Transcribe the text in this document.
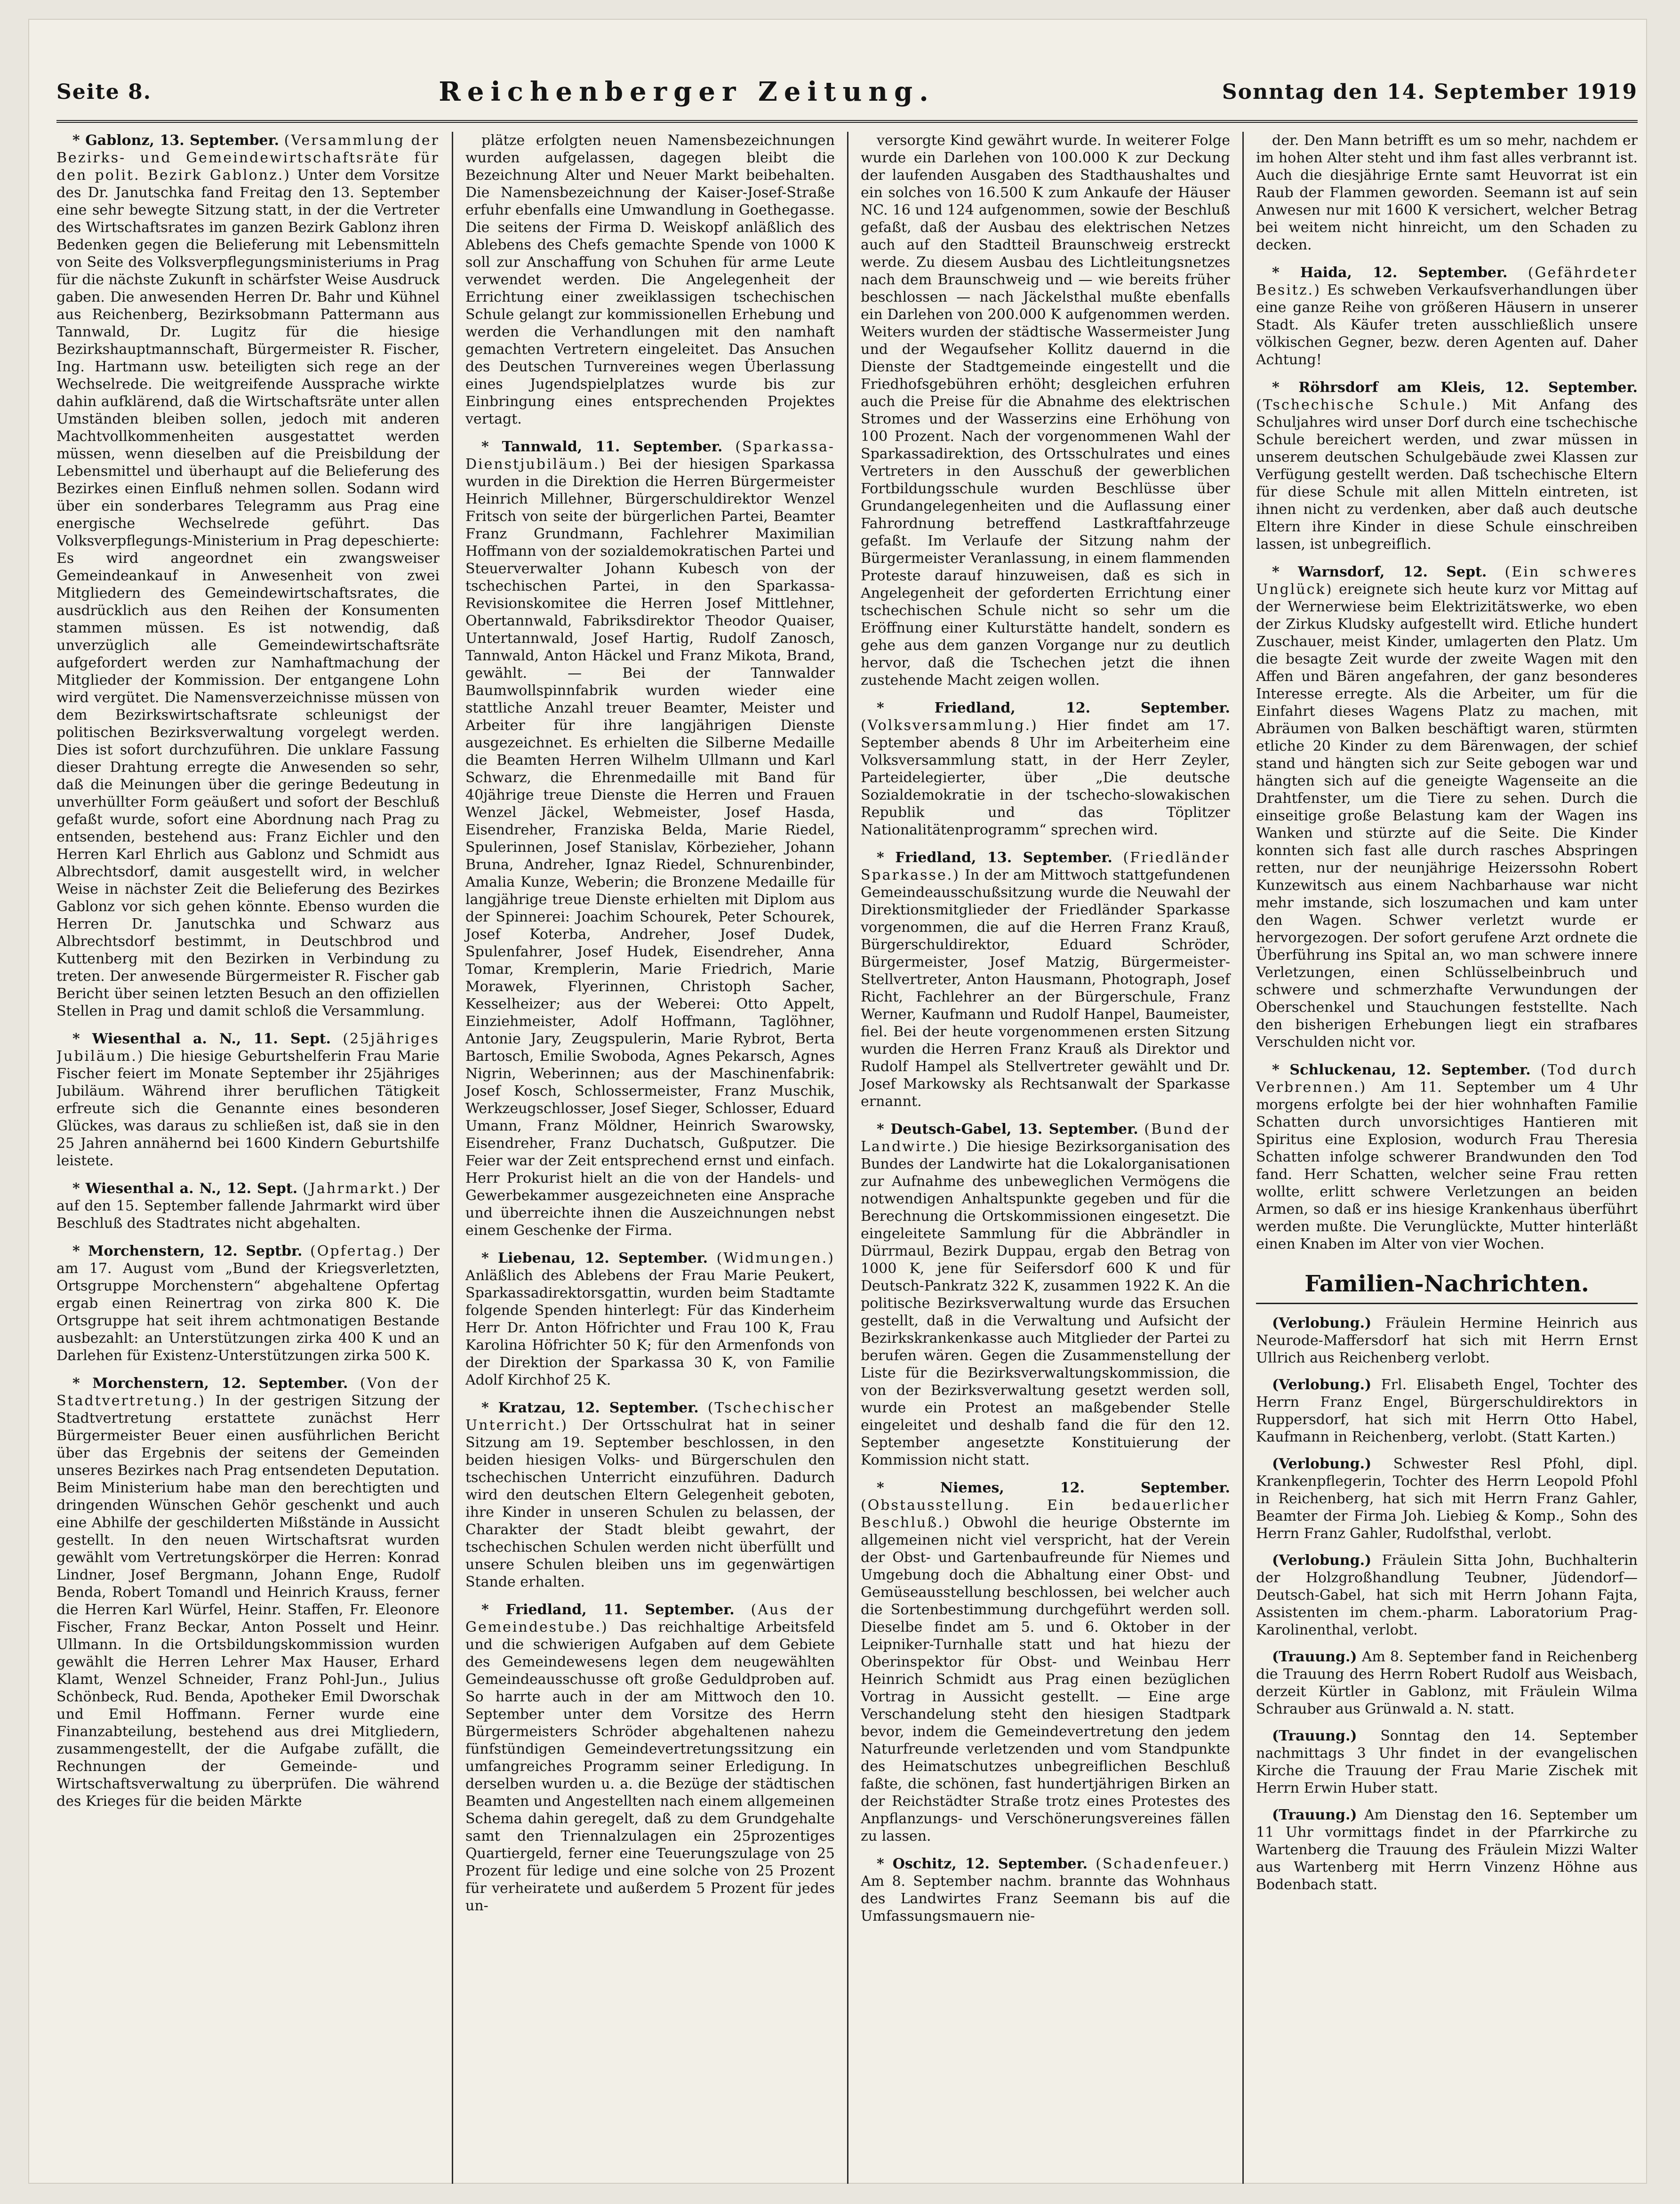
Seite 8.	Reichenberger Zeitung.	Sonntag den 14. September 1919

* Gablonz, 13. September. (Versammlung der Bezirks- und Gemeindewirtschaftsräte für den polit. Bezirk Gablonz.) Unter dem Vorsitze des Dr. Janutschka fand Freitag den 13. September eine sehr bewegte Sitzung statt, in der die Vertreter des Wirtschaftsrates im ganzen Bezirk Gablonz ihren Bedenken gegen die Belieferung mit Lebensmitteln von Seite des Volksverpflegungsministeriums in Prag für die nächste Zukunft in schärfster Weise Ausdruck gaben. Die anwesenden Herren Dr. Bahr und Kühnel aus Reichenberg, Bezirksobmann Pattermann aus Tannwald, Dr. Lugitz für die hiesige Bezirkshauptmannschaft, Bürgermeister R. Fischer, Ing. Hartmann usw. beteiligten sich rege an der Wechselrede. Die weitgreifende Aussprache wirkte dahin aufklärend, daß die Wirtschaftsräte unter allen Umständen bleiben sollen, jedoch mit anderen Machtvollkommenheiten ausgestattet werden müssen, wenn dieselben auf die Preisbildung der Lebensmittel und überhaupt auf die Belieferung des Bezirkes einen Einfluß nehmen sollen. Sodann wird über ein sonderbares Telegramm aus Prag eine energische Wechselrede geführt. Das Volksverpflegungs-Ministerium in Prag depeschierte: Es wird angeordnet ein zwangsweiser Gemeindeankauf in Anwesenheit von zwei Mitgliedern des Gemeindewirtschaftsrates, die ausdrücklich aus den Reihen der Konsumenten stammen müssen. Es ist notwendig, daß unverzüglich alle Gemeindewirtschaftsräte aufgefordert werden zur Namhaftmachung der Mitglieder der Kommission. Der entgangene Lohn wird vergütet. Die Namensverzeichnisse müssen von dem Bezirkswirtschaftsrate schleunigst der politischen Bezirksverwaltung vorgelegt werden. Dies ist sofort durchzuführen. Die unklare Fassung dieser Drahtung erregte die Anwesenden so sehr, daß die Meinungen über die geringe Bedeutung in unverhüllter Form geäußert und sofort der Beschluß gefaßt wurde, sofort eine Abordnung nach Prag zu entsenden, bestehend aus: Franz Eichler und den Herren Karl Ehrlich aus Gablonz und Schmidt aus Albrechtsdorf, damit ausgestellt wird, in welcher Weise in nächster Zeit die Belieferung des Bezirkes Gablonz vor sich gehen könnte. Ebenso wurden die Herren Dr. Janutschka und Schwarz aus Albrechtsdorf bestimmt, in Deutschbrod und Kuttenberg mit den Bezirken in Verbindung zu treten. Der anwesende Bürgermeister R. Fischer gab Bericht über seinen letzten Besuch an den offiziellen Stellen in Prag und damit schloß die Versammlung.

* Wiesenthal a. N., 11. Sept. (25jähriges Jubiläum.) Die hiesige Geburtshelferin Frau Marie Fischer feiert im Monate September ihr 25jähriges Jubiläum. Während ihrer beruflichen Tätigkeit erfreute sich die Genannte eines besonderen Glückes, was daraus zu schließen ist, daß sie in den 25 Jahren annähernd bei 1600 Kindern Geburtshilfe leistete.

* Wiesenthal a. N., 12. Sept. (Jahrmarkt.) Der auf den 15. September fallende Jahrmarkt wird über Beschluß des Stadtrates nicht abgehalten.

* Morchenstern, 12. Septbr. (Opfertag.) Der am 17. August vom „Bund der Kriegsverletzten, Ortsgruppe Morchenstern“ abgehaltene Opfertag ergab einen Reinertrag von zirka 800 K. Die Ortsgruppe hat seit ihrem achtmonatigen Bestande ausbezahlt: an Unterstützungen zirka 400 K und an Darlehen für Existenz-Unterstützungen zirka 500 K.

* Morchenstern, 12. September. (Von der Stadtvertretung.) In der gestrigen Sitzung der Stadtvertretung erstattete zunächst Herr Bürgermeister Beuer einen ausführlichen Bericht über das Ergebnis der seitens der Gemeinden unseres Bezirkes nach Prag entsendeten Deputation. Beim Ministerium habe man den berechtigten und dringenden Wünschen Gehör geschenkt und auch eine Abhilfe der geschilderten Mißstände in Aussicht gestellt. In den neuen Wirtschaftsrat wurden gewählt vom Vertretungskörper die Herren: Konrad Lindner, Josef Bergmann, Johann Enge, Rudolf Benda, Robert Tomandl und Heinrich Krauss, ferner die Herren Karl Würfel, Heinr. Staffen, Fr. Eleonore Fischer, Franz Beckar, Anton Posselt und Heinr. Ullmann. In die Ortsbildungskommission wurden gewählt die Herren Lehrer Max Hauser, Erhard Klamt, Wenzel Schneider, Franz Pohl-Jun., Julius Schönbeck, Rud. Benda, Apotheker Emil Dworschak und Emil Hoffmann. Ferner wurde eine Finanzabteilung, bestehend aus drei Mitgliedern, zusammengestellt, der die Aufgabe zufällt, die Rechnungen der Gemeinde- und Wirtschaftsverwaltung zu überprüfen. Die während des Krieges für die beiden Märkte

plätze erfolgten neuen Namensbezeichnungen wurden aufgelassen, dagegen bleibt die Bezeichnung Alter und Neuer Markt beibehalten. Die Namensbezeichnung der Kaiser-Josef-Straße erfuhr ebenfalls eine Umwandlung in Goethegasse. Die seitens der Firma D. Weiskopf anläßlich des Ablebens des Chefs gemachte Spende von 1000 K soll zur Anschaffung von Schuhen für arme Leute verwendet werden. Die Angelegenheit der Errichtung einer zweiklassigen tschechischen Schule gelangt zur kommissionellen Erhebung und werden die Verhandlungen mit den namhaft gemachten Vertretern eingeleitet. Das Ansuchen des Deutschen Turnvereines wegen Überlassung eines Jugendspielplatzes wurde bis zur Einbringung eines entsprechenden Projektes vertagt.

* Tannwald, 11. September. (Sparkassa-Dienstjubiläum.) Bei der hiesigen Sparkassa wurden in die Direktion die Herren Bürgermeister Heinrich Millehner, Bürgerschuldirektor Wenzel Fritsch von seite der bürgerlichen Partei, Beamter Franz Grundmann, Fachlehrer Maximilian Hoffmann von der sozialdemokratischen Partei und Steuerverwalter Johann Kubesch von der tschechischen Partei, in den Sparkassa-Revisionskomitee die Herren Josef Mittlehner, Obertannwald, Fabriksdirektor Theodor Quaiser, Untertannwald, Josef Hartig, Rudolf Zanosch, Tannwald, Anton Häckel und Franz Mikota, Brand, gewählt. — Bei der Tannwalder Baumwollspinnfabrik wurden wieder eine stattliche Anzahl treuer Beamter, Meister und Arbeiter für ihre langjährigen Dienste ausgezeichnet. Es erhielten die Silberne Medaille die Beamten Herren Wilhelm Ullmann und Karl Schwarz, die Ehrenmedaille mit Band für 40jährige treue Dienste die Herren und Frauen Wenzel Jäckel, Webmeister, Josef Hasda, Eisendreher, Franziska Belda, Marie Riedel, Spulerinnen, Josef Stanislav, Körbezieher, Johann Bruna, Andreher, Ignaz Riedel, Schnurenbinder, Amalia Kunze, Weberin; die Bronzene Medaille für langjährige treue Dienste erhielten mit Diplom aus der Spinnerei: Joachim Schourek, Peter Schourek, Josef Koterba, Andreher, Josef Dudek, Spulenfahrer, Josef Hudek, Eisendreher, Anna Tomar, Kremplerin, Marie Friedrich, Marie Morawek, Flyerinnen, Christoph Sacher, Kesselheizer; aus der Weberei: Otto Appelt, Einziehmeister, Adolf Hoffmann, Taglöhner, Antonie Jary, Zeugspulerin, Marie Rybrot, Berta Bartosch, Emilie Swoboda, Agnes Pekarsch, Agnes Nigrin, Weberinnen; aus der Maschinenfabrik: Josef Kosch, Schlossermeister, Franz Muschik, Werkzeugschlosser, Josef Sieger, Schlosser, Eduard Umann, Franz Möldner, Heinrich Swarowsky, Eisendreher, Franz Duchatsch, Gußputzer. Die Feier war der Zeit entsprechend ernst und einfach. Herr Prokurist hielt an die von der Handels- und Gewerbekammer ausgezeichneten eine Ansprache und überreichte ihnen die Auszeichnungen nebst einem Geschenke der Firma.

* Liebenau, 12. September. (Widmungen.) Anläßlich des Ablebens der Frau Marie Peukert, Sparkassadirektorsgattin, wurden beim Stadtamte folgende Spenden hinterlegt: Für das Kinderheim Herr Dr. Anton Höfrichter und Frau 100 K, Frau Karolina Höfrichter 50 K; für den Armenfonds von der Direktion der Sparkassa 30 K, von Familie Adolf Kirchhof 25 K.

* Kratzau, 12. September. (Tschechischer Unterricht.) Der Ortsschulrat hat in seiner Sitzung am 19. September beschlossen, in den beiden hiesigen Volks- und Bürgerschulen den tschechischen Unterricht einzuführen. Dadurch wird den deutschen Eltern Gelegenheit geboten, ihre Kinder in unseren Schulen zu belassen, der Charakter der Stadt bleibt gewahrt, der tschechischen Schulen werden nicht überfüllt und unsere Schulen bleiben uns im gegenwärtigen Stande erhalten.

* Friedland, 11. September. (Aus der Gemeindestube.) Das reichhaltige Arbeitsfeld und die schwierigen Aufgaben auf dem Gebiete des Gemeindewesens legen dem neugewählten Gemeindeausschusse oft große Geduldproben auf. So harrte auch in der am Mittwoch den 10. September unter dem Vorsitze des Herrn Bürgermeisters Schröder abgehaltenen nahezu fünfstündigen Gemeindevertretungssitzung ein umfangreiches Programm seiner Erledigung. In derselben wurden u. a. die Bezüge der städtischen Beamten und Angestellten nach einem allgemeinen Schema dahin geregelt, daß zu dem Grundgehalte samt den Triennalzulagen ein 25prozentiges Quartiergeld, ferner eine Teuerungszulage von 25 Prozent für ledige und eine solche von 25 Prozent für verheiratete und außerdem 5 Prozent für jedes un-

versorgte Kind gewährt wurde. In weiterer Folge wurde ein Darlehen von 100.000 K zur Deckung der laufenden Ausgaben des Stadthaushaltes und ein solches von 16.500 K zum Ankaufe der Häuser NC. 16 und 124 aufgenommen, sowie der Beschluß gefaßt, daß der Ausbau des elektrischen Netzes auch auf den Stadtteil Braunschweig erstreckt werde. Zu diesem Ausbau des Lichtleitungsnetzes nach dem Braunschweig und — wie bereits früher beschlossen — nach Jäckelsthal mußte ebenfalls ein Darlehen von 200.000 K aufgenommen werden. Weiters wurden der städtische Wassermeister Jung und der Wegaufseher Kollitz dauernd in die Dienste der Stadtgemeinde eingestellt und die Friedhofsgebühren erhöht; desgleichen erfuhren auch die Preise für die Abnahme des elektrischen Stromes und der Wasserzins eine Erhöhung von 100 Prozent. Nach der vorgenommenen Wahl der Sparkassadirektion, des Ortsschulrates und eines Vertreters in den Ausschuß der gewerblichen Fortbildungsschule wurden Beschlüsse über Grundangelegenheiten und die Auflassung einer Fahrordnung betreffend Lastkraftfahrzeuge gefaßt. Im Verlaufe der Sitzung nahm der Bürgermeister Veranlassung, in einem flammenden Proteste darauf hinzuweisen, daß es sich in Angelegenheit der geforderten Errichtung einer tschechischen Schule nicht so sehr um die Eröffnung einer Kulturstätte handelt, sondern es gehe aus dem ganzen Vorgange nur zu deutlich hervor, daß die Tschechen jetzt die ihnen zustehende Macht zeigen wollen.

* Friedland, 12. September. (Volksversammlung.) Hier findet am 17. September abends 8 Uhr im Arbeiterheim eine Volksversammlung statt, in der Herr Zeyler, Parteidelegierter, über „Die deutsche Sozialdemokratie in der tschecho-slowakischen Republik und das Töplitzer Nationalitätenprogramm“ sprechen wird.

* Friedland, 13. September. (Friedländer Sparkasse.) In der am Mittwoch stattgefundenen Gemeindeausschußsitzung wurde die Neuwahl der Direktionsmitglieder der Friedländer Sparkasse vorgenommen, die auf die Herren Franz Krauß, Bürgerschuldirektor, Eduard Schröder, Bürgermeister, Josef Matzig, Bürgermeister-Stellvertreter, Anton Hausmann, Photograph, Josef Richt, Fachlehrer an der Bürgerschule, Franz Werner, Kaufmann und Rudolf Hanpel, Baumeister, fiel. Bei der heute vorgenommenen ersten Sitzung wurden die Herren Franz Krauß als Direktor und Rudolf Hampel als Stellvertreter gewählt und Dr. Josef Markowsky als Rechtsanwalt der Sparkasse ernannt.

* Deutsch-Gabel, 13. September. (Bund der Landwirte.) Die hiesige Bezirksorganisation des Bundes der Landwirte hat die Lokalorganisationen zur Aufnahme des unbeweglichen Vermögens die notwendigen Anhaltspunkte gegeben und für die Berechnung die Ortskommissionen eingesetzt. Die eingeleitete Sammlung für die Abbrändler in Dürrmaul, Bezirk Duppau, ergab den Betrag von 1000 K, jene für Seifersdorf 600 K und für Deutsch-Pankratz 322 K, zusammen 1922 K. An die politische Bezirksverwaltung wurde das Ersuchen gestellt, daß in die Verwaltung und Aufsicht der Bezirkskrankenkasse auch Mitglieder der Partei zu berufen wären. Gegen die Zusammenstellung der Liste für die Bezirksverwaltungskommission, die von der Bezirksverwaltung gesetzt werden soll, wurde ein Protest an maßgebender Stelle eingeleitet und deshalb fand die für den 12. September angesetzte Konstituierung der Kommission nicht statt.

* Niemes, 12. September. (Obstausstellung. Ein bedauerlicher Beschluß.) Obwohl die heurige Obsternte im allgemeinen nicht viel verspricht, hat der Verein der Obst- und Gartenbaufreunde für Niemes und Umgebung doch die Abhaltung einer Obst- und Gemüseausstellung beschlossen, bei welcher auch die Sortenbestimmung durchgeführt werden soll. Dieselbe findet am 5. und 6. Oktober in der Leipniker-Turnhalle statt und hat hiezu der Oberinspektor für Obst- und Weinbau Herr Heinrich Schmidt aus Prag einen bezüglichen Vortrag in Aussicht gestellt. — Eine arge Verschandelung steht den hiesigen Stadtpark bevor, indem die Gemeindevertretung den jedem Naturfreunde verletzenden und vom Standpunkte des Heimatschutzes unbegreiflichen Beschluß faßte, die schönen, fast hundertjährigen Birken an der Reichstädter Straße trotz eines Protestes des Anpflanzungs- und Verschönerungsvereines fällen zu lassen.

* Oschitz, 12. September. (Schadenfeuer.) Am 8. September nachm. brannte das Wohnhaus des Landwirtes Franz Seemann bis auf die Umfassungsmauern nie-

der. Den Mann betrifft es um so mehr, nachdem er im hohen Alter steht und ihm fast alles verbrannt ist. Auch die diesjährige Ernte samt Heuvorrat ist ein Raub der Flammen geworden. Seemann ist auf sein Anwesen nur mit 1600 K versichert, welcher Betrag bei weitem nicht hinreicht, um den Schaden zu decken.

* Haida, 12. September. (Gefährdeter Besitz.) Es schweben Verkaufsverhandlungen über eine ganze Reihe von größeren Häusern in unserer Stadt. Als Käufer treten ausschließlich unsere völkischen Gegner, bezw. deren Agenten auf. Daher Achtung!

* Röhrsdorf am Kleis, 12. September. (Tschechische Schule.) Mit Anfang des Schuljahres wird unser Dorf durch eine tschechische Schule bereichert werden, und zwar müssen in unserem deutschen Schulgebäude zwei Klassen zur Verfügung gestellt werden. Daß tschechische Eltern für diese Schule mit allen Mitteln eintreten, ist ihnen nicht zu verdenken, aber daß auch deutsche Eltern ihre Kinder in diese Schule einschreiben lassen, ist unbegreiflich.

* Warnsdorf, 12. Sept. (Ein schweres Unglück) ereignete sich heute kurz vor Mittag auf der Wernerwiese beim Elektrizitätswerke, wo eben der Zirkus Kludsky aufgestellt wird. Etliche hundert Zuschauer, meist Kinder, umlagerten den Platz. Um die besagte Zeit wurde der zweite Wagen mit den Affen und Bären angefahren, der ganz besonderes Interesse erregte. Als die Arbeiter, um für die Einfahrt dieses Wagens Platz zu machen, mit Abräumen von Balken beschäftigt waren, stürmten etliche 20 Kinder zu dem Bärenwagen, der schief stand und hängten sich zur Seite gebogen war und hängten sich auf die geneigte Wagenseite an die Drahtfenster, um die Tiere zu sehen. Durch die einseitige große Belastung kam der Wagen ins Wanken und stürzte auf die Seite. Die Kinder konnten sich fast alle durch rasches Abspringen retten, nur der neunjährige Heizerssohn Robert Kunzewitsch aus einem Nachbarhause war nicht mehr imstande, sich loszumachen und kam unter den Wagen. Schwer verletzt wurde er hervorgezogen. Der sofort gerufene Arzt ordnete die Überführung ins Spital an, wo man schwere innere Verletzungen, einen Schlüsselbeinbruch und schwere und schmerzhafte Verwundungen der Oberschenkel und Stauchungen feststellte. Nach den bisherigen Erhebungen liegt ein strafbares Verschulden nicht vor.

* Schluckenau, 12. September. (Tod durch Verbrennen.) Am 11. September um 4 Uhr morgens erfolgte bei der hier wohnhaften Familie Schatten durch unvorsichtiges Hantieren mit Spiritus eine Explosion, wodurch Frau Theresia Schatten infolge schwerer Brandwunden den Tod fand. Herr Schatten, welcher seine Frau retten wollte, erlitt schwere Verletzungen an beiden Armen, so daß er ins hiesige Krankenhaus überführt werden mußte. Die Verunglückte, Mutter hinterläßt einen Knaben im Alter von vier Wochen.

Familien-Nachrichten.

(Verlobung.) Fräulein Hermine Heinrich aus Neurode-Maffersdorf hat sich mit Herrn Ernst Ullrich aus Reichenberg verlobt.

(Verlobung.) Frl. Elisabeth Engel, Tochter des Herrn Franz Engel, Bürgerschuldirektors in Ruppersdorf, hat sich mit Herrn Otto Habel, Kaufmann in Reichenberg, verlobt. (Statt Karten.)

(Verlobung.) Schwester Resl Pfohl, dipl. Krankenpflegerin, Tochter des Herrn Leopold Pfohl in Reichenberg, hat sich mit Herrn Franz Gahler, Beamter der Firma Joh. Liebieg & Komp., Sohn des Herrn Franz Gahler, Rudolfsthal, verlobt.

(Verlobung.) Fräulein Sitta John, Buchhalterin der Holzgroßhandlung Teubner, Jüdendorf—Deutsch-Gabel, hat sich mit Herrn Johann Fajta, Assistenten im chem.-pharm. Laboratorium Prag-Karolinenthal, verlobt.

(Trauung.) Am 8. September fand in Reichenberg die Trauung des Herrn Robert Rudolf aus Weisbach, derzeit Kürtler in Gablonz, mit Fräulein Wilma Schrauber aus Grünwald a. N. statt.

(Trauung.) Sonntag den 14. September nachmittags 3 Uhr findet in der evangelischen Kirche die Trauung der Frau Marie Zischek mit Herrn Erwin Huber statt.

(Trauung.) Am Dienstag den 16. September um 11 Uhr vormittags findet in der Pfarrkirche zu Wartenberg die Trauung des Fräulein Mizzi Walter aus Wartenberg mit Herrn Vinzenz Höhne aus Bodenbach statt.
